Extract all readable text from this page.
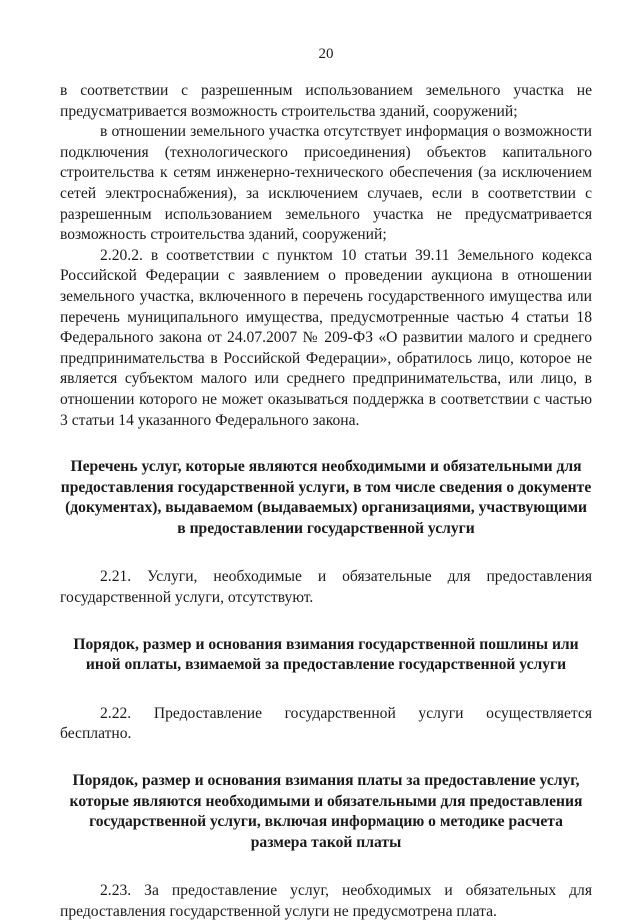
20

в соответствии с разрешенным использованием земельного участка не предусматривается возможность строительства зданий, сооружений;

в отношении земельного участка отсутствует информация о возможности подключения (технологического присоединения) объектов капитального строительства к сетям инженерно-технического обеспечения (за исключением сетей электроснабжения), за исключением случаев, если в соответствии с разрешенным использованием земельного участка не предусматривается возможность строительства зданий, сооружений;

2.20.2. в соответствии с пунктом 10 статьи 39.11 Земельного кодекса Российской Федерации с заявлением о проведении аукциона в отношении земельного участка, включенного в перечень государственного имущества или перечень муниципального имущества, предусмотренные частью 4 статьи 18 Федерального закона от 24.07.2007 № 209-ФЗ «О развитии малого и среднего предпринимательства в Российской Федерации», обратилось лицо, которое не является субъектом малого или среднего предпринимательства, или лицо, в отношении которого не может оказываться поддержка в соответствии с частью 3 статьи 14 указанного Федерального закона.

Перечень услуг, которые являются необходимыми и обязательными для предоставления государственной услуги, в том числе сведения о документе (документах), выдаваемом (выдаваемых) организациями, участвующими в предоставлении государственной услуги

2.21. Услуги, необходимые и обязательные для предоставления государственной услуги, отсутствуют.

Порядок, размер и основания взимания государственной пошлины или иной оплаты, взимаемой за предоставление государственной услуги

2.22. Предоставление государственной услуги осуществляется бесплатно.

Порядок, размер и основания взимания платы за предоставление услуг, которые являются необходимыми и обязательными для предоставления государственной услуги, включая информацию о методике расчета размера такой платы

2.23. За предоставление услуг, необходимых и обязательных для предоставления государственной услуги не предусмотрена плата.
